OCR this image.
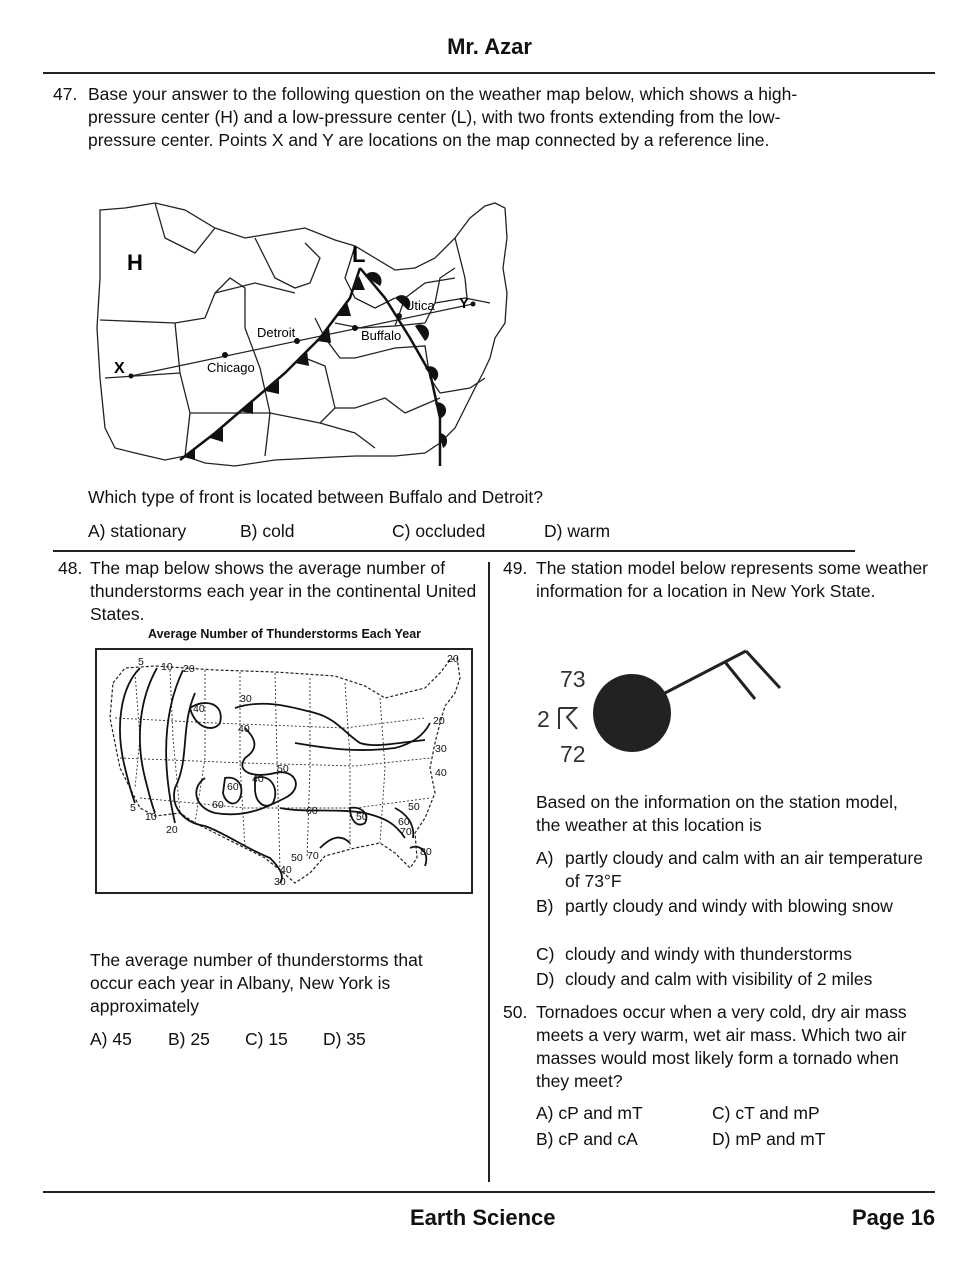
Mr. Azar
47. Base your answer to the following question on the weather map below, which shows a high-pressure center (H) and a low-pressure center (L), with two fronts extending from the low-pressure center. Points X and Y are locations on the map connected by a reference line.
H	L
X
Y
Chicago
Detroit	Buffalo
Utica
Which type of front is located between Buffalo and Detroit?
A) stationary	B) cold	C) occluded	D) warm
48. The map below shows the average number of thunderstorms each year in the continental United States.
Average Number of Thunderstorms Each Year
5 10 20
20
30
40
40
50
60
40
60	60	50
20
30
40
50
60
70
80
50 70
40
30
5
10
20
The average number of thunderstorms that occur each year in Albany, New York is approximately
A) 45 B) 25 C) 15 D) 35
49. The station model below represents some weather information for a location in New York State.
73
2
72
Based on the information on the station model, the weather at this location is
A) partly cloudy and calm with an air temperature of 73°F
B) partly cloudy and windy with blowing snow
C) cloudy and windy with thunderstorms
D) cloudy and calm with visibility of 2 miles
50. Tornadoes occur when a very cold, dry air mass meets a very warm, wet air mass. Which two air masses would most likely form a tornado when they meet?
A) cP and mT	C) cT and mP
B) cP and cA	D) mP and mT
Earth Science	Page 16
